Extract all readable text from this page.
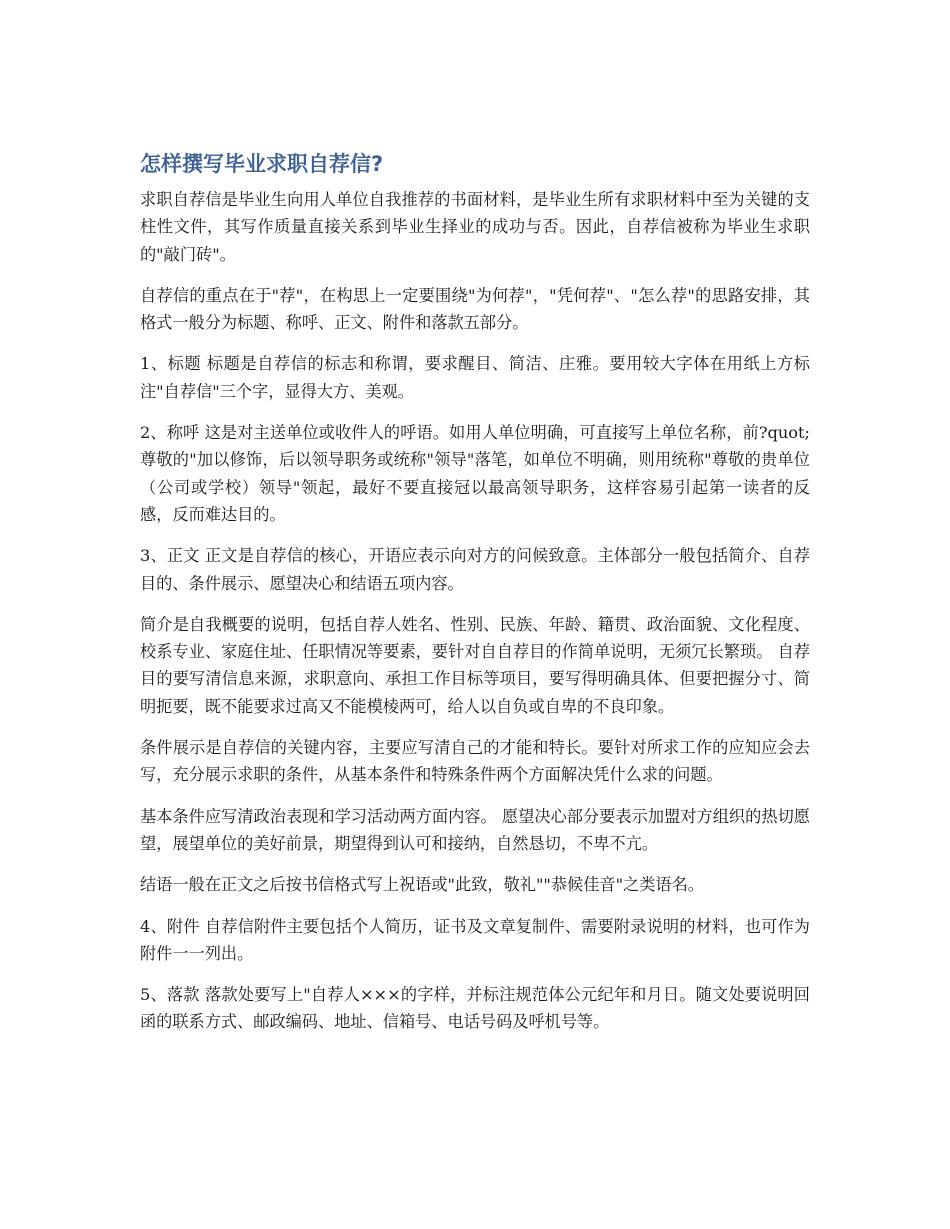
怎样撰写毕业求职自荐信?

求职自荐信是毕业生向用人单位自我推荐的书面材料，是毕业生所有求职材料中至为关键的支柱性文件，其写作质量直接关系到毕业生择业的成功与否。因此，自荐信被称为毕业生求职的"敲门砖"。

自荐信的重点在于"荐"，在构思上一定要围绕"为何荐"，"凭何荐"、"怎么荐"的思路安排，其格式一般分为标题、称呼、正文、附件和落款五部分。

1、标题 标题是自荐信的标志和称谓，要求醒目、简洁、庄雅。要用较大字体在用纸上方标注"自荐信"三个字，显得大方、美观。

2、称呼 这是对主送单位或收件人的呼语。如用人单位明确，可直接写上单位名称，前?quot;尊敬的"加以修饰，后以领导职务或统称"领导"落笔，如单位不明确，则用统称"尊敬的贵单位（公司或学校）领导"领起，最好不要直接冠以最高领导职务，这样容易引起第一读者的反感，反而难达目的。

3、正文 正文是自荐信的核心，开语应表示向对方的问候致意。主体部分一般包括简介、自荐目的、条件展示、愿望决心和结语五项内容。

简介是自我概要的说明，包括自荐人姓名、性别、民族、年龄、籍贯、政治面貌、文化程度、校系专业、家庭住址、任职情况等要素，要针对自自荐目的作简单说明，无须冗长繁琐。 自荐目的要写清信息来源，求职意向、承担工作目标等项目，要写得明确具体、但要把握分寸、简明扼要，既不能要求过高又不能模棱两可，给人以自负或自卑的不良印象。

条件展示是自荐信的关键内容，主要应写清自己的才能和特长。要针对所求工作的应知应会去写，充分展示求职的条件，从基本条件和特殊条件两个方面解决凭什么求的问题。

基本条件应写清政治表现和学习活动两方面内容。 愿望决心部分要表示加盟对方组织的热切愿望，展望单位的美好前景，期望得到认可和接纳，自然恳切，不卑不亢。

结语一般在正文之后按书信格式写上祝语或"此致，敬礼""恭候佳音"之类语名。

4、附件 自荐信附件主要包括个人简历，证书及文章复制件、需要附录说明的材料，也可作为附件一一列出。

5、落款 落款处要写上"自荐人×××的字样，并标注规范体公元纪年和月日。随文处要说明回函的联系方式、邮政编码、地址、信箱号、电话号码及呼机号等。
